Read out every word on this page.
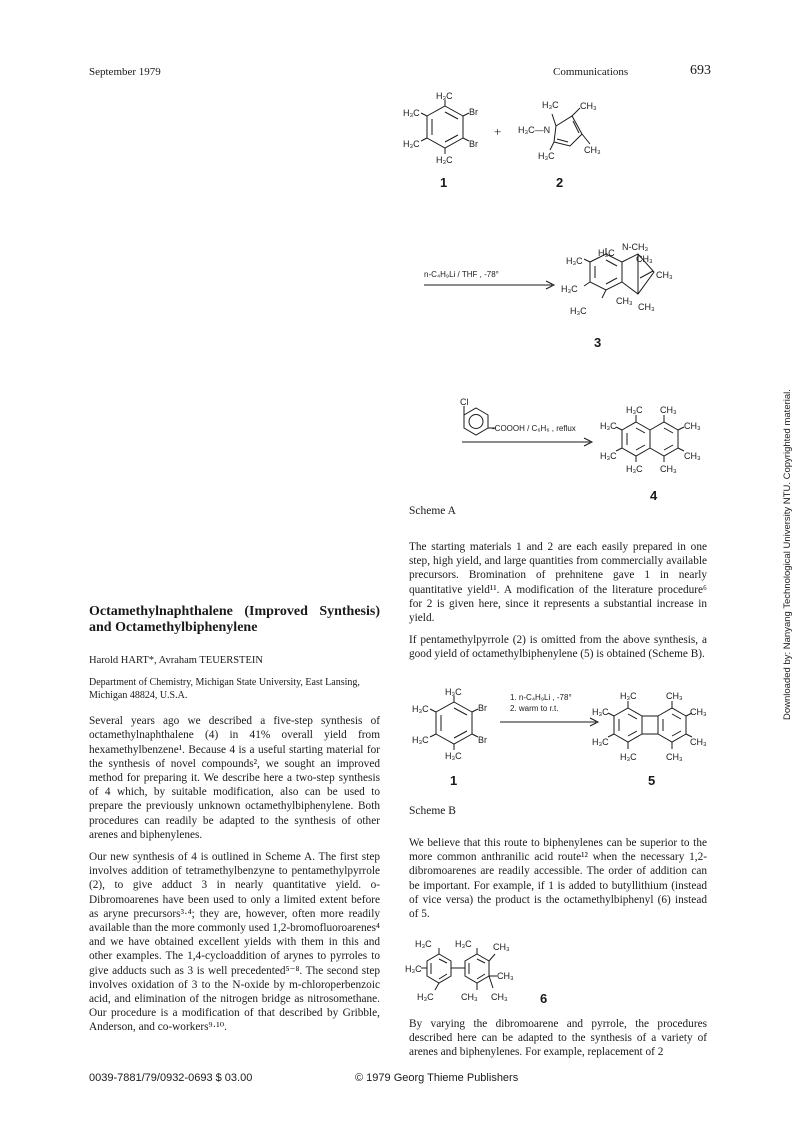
September 1979	Communications	693
H₃C
Br
Br
H₃C
H₃C
H₃C
1
+
H₃C CH₃
H₃C—N
CH₃
H₃C
2
n-C₄H₉Li / THF , -78°
H₃C
N-CH₃
CH₃
CH₃
H₃C
H₃C
H₃C
CH₃
CH₃
3
Cl
-COOOH / C₆H₆ , reflux
H₃C CH₃
H₃C	CH₃
H₃C	CH₃
H₃C CH₃
4
Scheme A
Octamethylnaphthalene (Improved Synthesis) and Octamethylbiphenylene
Harold HART*, Avraham TEUERSTEIN
Department of Chemistry, Michigan State University, East Lansing, Michigan 48824, U.S.A.

Several years ago we described a five-step synthesis of octamethylnaphthalene (4) in 41% overall yield from hexamethylbenzene¹. Because 4 is a useful starting material for the synthesis of novel compounds², we sought an improved method for preparing it. We describe here a two-step synthesis of 4 which, by suitable modification, also can be used to prepare the previously unknown octamethylbiphenylene. Both procedures can readily be adapted to the synthesis of other arenes and biphenylenes.

Our new synthesis of 4 is outlined in Scheme A. The first step involves addition of tetramethylbenzyne to pentamethylpyrrole (2), to give adduct 3 in nearly quantitative yield. o-Dibromoarenes have been used to only a limited extent before as aryne precursors³·⁴; they are, however, often more readily available than the more commonly used 1,2-bromofluoroarenes⁴ and we have obtained excellent yields with them in this and other examples. The 1,4-cycloaddition of arynes to pyrroles to give adducts such as 3 is well precedented⁵⁻⁸. The second step involves oxidation of 3 to the N-oxide by m-chloroperbenzoic acid, and elimination of the nitrogen bridge as nitrosomethane. Our procedure is a modification of that described by Gribble, Anderson, and co-workers⁹·¹⁰.

The starting materials 1 and 2 are each easily prepared in one step, high yield, and large quantities from commercially available precursors. Bromination of prehnitene gave 1 in nearly quantitative yield¹¹. A modification of the literature procedure⁶ for 2 is given here, since it represents a substantial increase in yield.

If pentamethylpyrrole (2) is omitted from the above synthesis, a good yield of octamethylbiphenylene (5) is obtained (Scheme B).

H₃C
Br
Br
H₃C
H₃C
H₃C
1
1. n-C₄H₉Li , -78°
2. warm to r.t.
H₃C	CH₃
H₃C	CH₃
H₃C	CH₃
H₃C	CH₃
5
Scheme B

We believe that this route to biphenylenes can be superior to the more common anthranilic acid route¹² when the necessary 1,2-dibromoarenes are readily accessible. The order of addition can be important. For example, if 1 is added to butyllithium (instead of vice versa) the product is the octamethylbiphenyl (6) instead of 5.

H₃C	H₃C CH₃
H₃C
CH₃
H₃C	CH₃ CH₃ 6

By varying the dibromoarene and pyrrole, the procedures described here can be adapted to the synthesis of a variety of arenes and biphenylenes. For example, replacement of 2

0039-7881/79/0932-0693 $ 03.00	© 1979 Georg Thieme Publishers
Downloaded by: Nanyang Technological University NTU. Copyrighted material.
